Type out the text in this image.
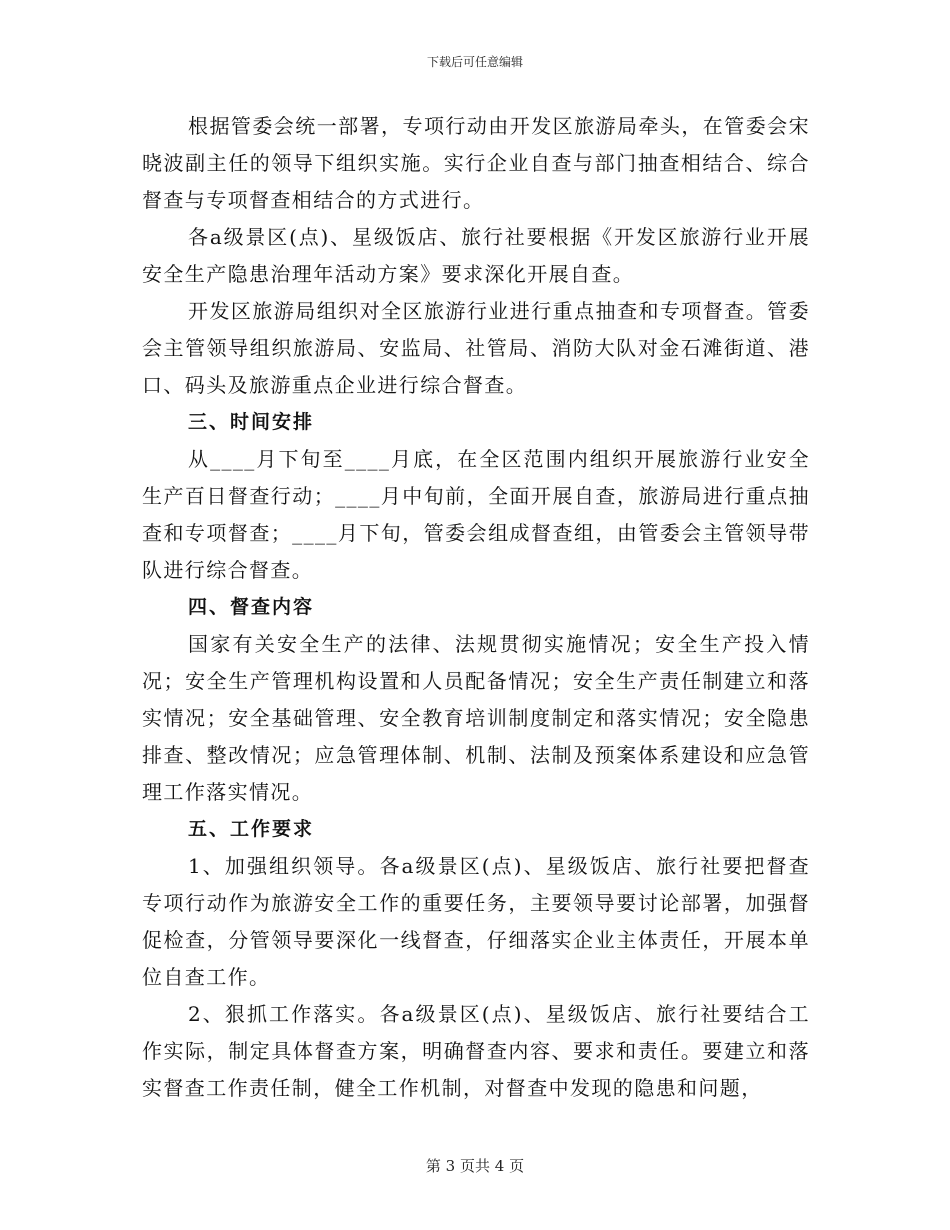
下载后可任意编辑

根据管委会统一部署，专项行动由开发区旅游局牵头，在管委会宋晓波副主任的领导下组织实施。实行企业自查与部门抽查相结合、综合督查与专项督查相结合的方式进行。

各a级景区(点)、星级饭店、旅行社要根据《开发区旅游行业开展安全生产隐患治理年活动方案》要求深化开展自查。

开发区旅游局组织对全区旅游行业进行重点抽查和专项督查。管委会主管领导组织旅游局、安监局、社管局、消防大队对金石滩街道、港口、码头及旅游重点企业进行综合督查。

三、时间安排

从____月下旬至____月底，在全区范围内组织开展旅游行业安全生产百日督查行动；____月中旬前，全面开展自查，旅游局进行重点抽查和专项督查；____月下旬，管委会组成督查组，由管委会主管领导带队进行综合督查。

四、督查内容

国家有关安全生产的法律、法规贯彻实施情况；安全生产投入情况；安全生产管理机构设置和人员配备情况；安全生产责任制建立和落实情况；安全基础管理、安全教育培训制度制定和落实情况；安全隐患排查、整改情况；应急管理体制、机制、法制及预案体系建设和应急管理工作落实情况。

五、工作要求

1、加强组织领导。各a级景区(点)、星级饭店、旅行社要把督查专项行动作为旅游安全工作的重要任务，主要领导要讨论部署，加强督促检查，分管领导要深化一线督查，仔细落实企业主体责任，开展本单位自查工作。

2、狠抓工作落实。各a级景区(点)、星级饭店、旅行社要结合工作实际，制定具体督查方案，明确督查内容、要求和责任。要建立和落实督查工作责任制，健全工作机制，对督查中发现的隐患和问题，

第 3 页共 4 页
